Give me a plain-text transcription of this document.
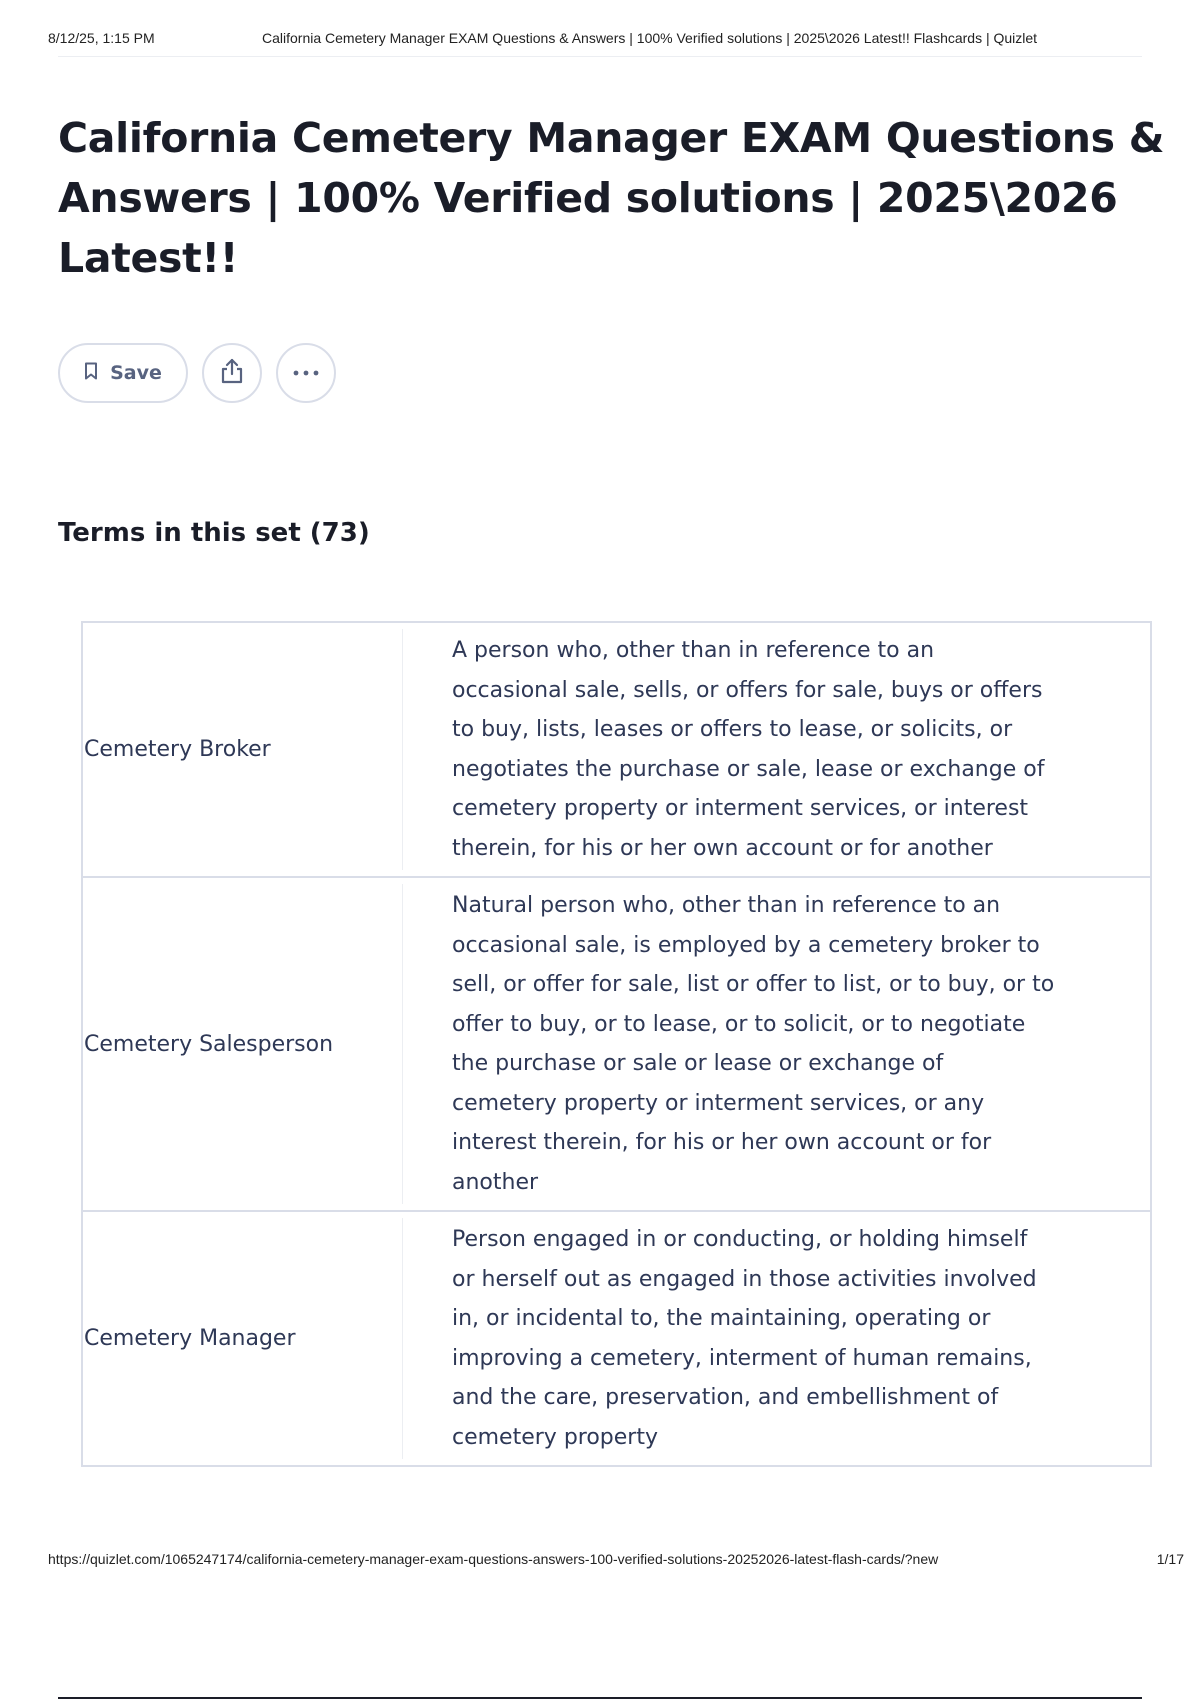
8/12/25, 1:15 PM	California Cemetery Manager EXAM Questions & Answers | 100% Verified solutions | 2025\2026 Latest!! Flashcards | Quizlet
California Cemetery Manager EXAM Questions & Answers | 100% Verified solutions | 2025\2026 Latest!!
Save
Terms in this set (73)
Cemetery Broker
A person who, other than in reference to an
occasional sale, sells, or offers for sale, buys or offers
to buy, lists, leases or offers to lease, or solicits, or
negotiates the purchase or sale, lease or exchange of
cemetery property or interment services, or interest
therein, for his or her own account or for another
Cemetery Salesperson
Natural person who, other than in reference to an
occasional sale, is employed by a cemetery broker to
sell, or offer for sale, list or offer to list, or to buy, or to
offer to buy, or to lease, or to solicit, or to negotiate
the purchase or sale or lease or exchange of
cemetery property or interment services, or any
interest therein, for his or her own account or for
another
Cemetery Manager
Person engaged in or conducting, or holding himself
or herself out as engaged in those activities involved
in, or incidental to, the maintaining, operating or
improving a cemetery, interment of human remains,
and the care, preservation, and embellishment of
cemetery property
https://quizlet.com/1065247174/california-cemetery-manager-exam-questions-answers-100-verified-solutions-20252026-latest-flash-cards/?new	1/17
